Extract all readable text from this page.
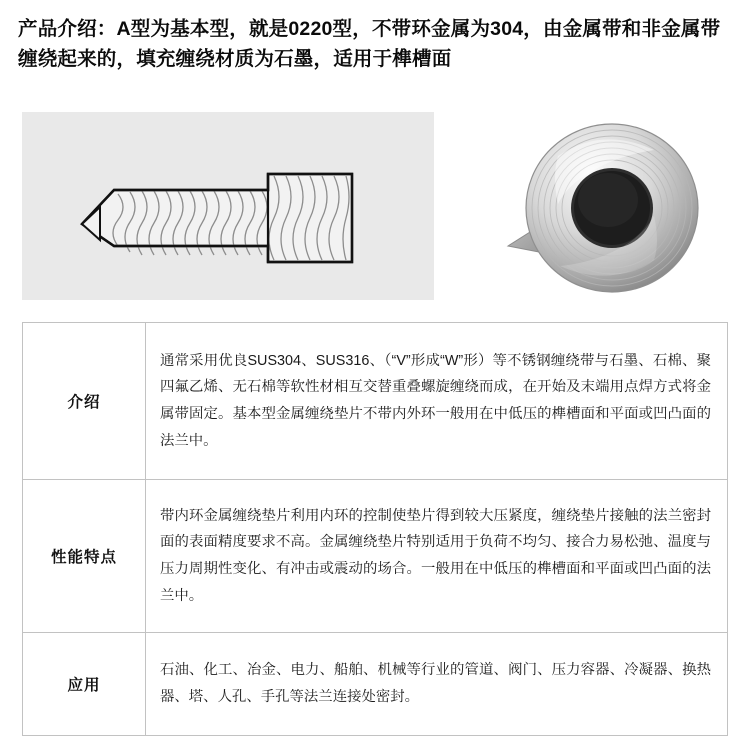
产品介绍：A型为基本型，就是0220型，不带环金属为304，由金属带和非金属带缠绕起来的，填充缠绕材质为石墨，适用于榫槽面
介绍	通常采用优良SUS304、SUS316、（“V”形成“W”形）等不锈钢缠绕带与石墨、石棉、聚四氟乙烯、无石棉等软性材相互交替重叠螺旋缠绕而成，在开始及末端用点焊方式将金属带固定。基本型金属缠绕垫片不带内外环一般用在中低压的榫槽面和平面或凹凸面的法兰中。
性能特点	带内环金属缠绕垫片利用内环的控制使垫片得到较大压紧度，缠绕垫片接触的法兰密封面的表面精度要求不高。金属缠绕垫片特别适用于负荷不均匀、接合力易松弛、温度与压力周期性变化、有冲击或震动的场合。一般用在中低压的榫槽面和平面或凹凸面的法兰中。
应用	石油、化工、冶金、电力、船舶、机械等行业的管道、阀门、压力容器、冷凝器、换热器、塔、人孔、手孔等法兰连接处密封。
